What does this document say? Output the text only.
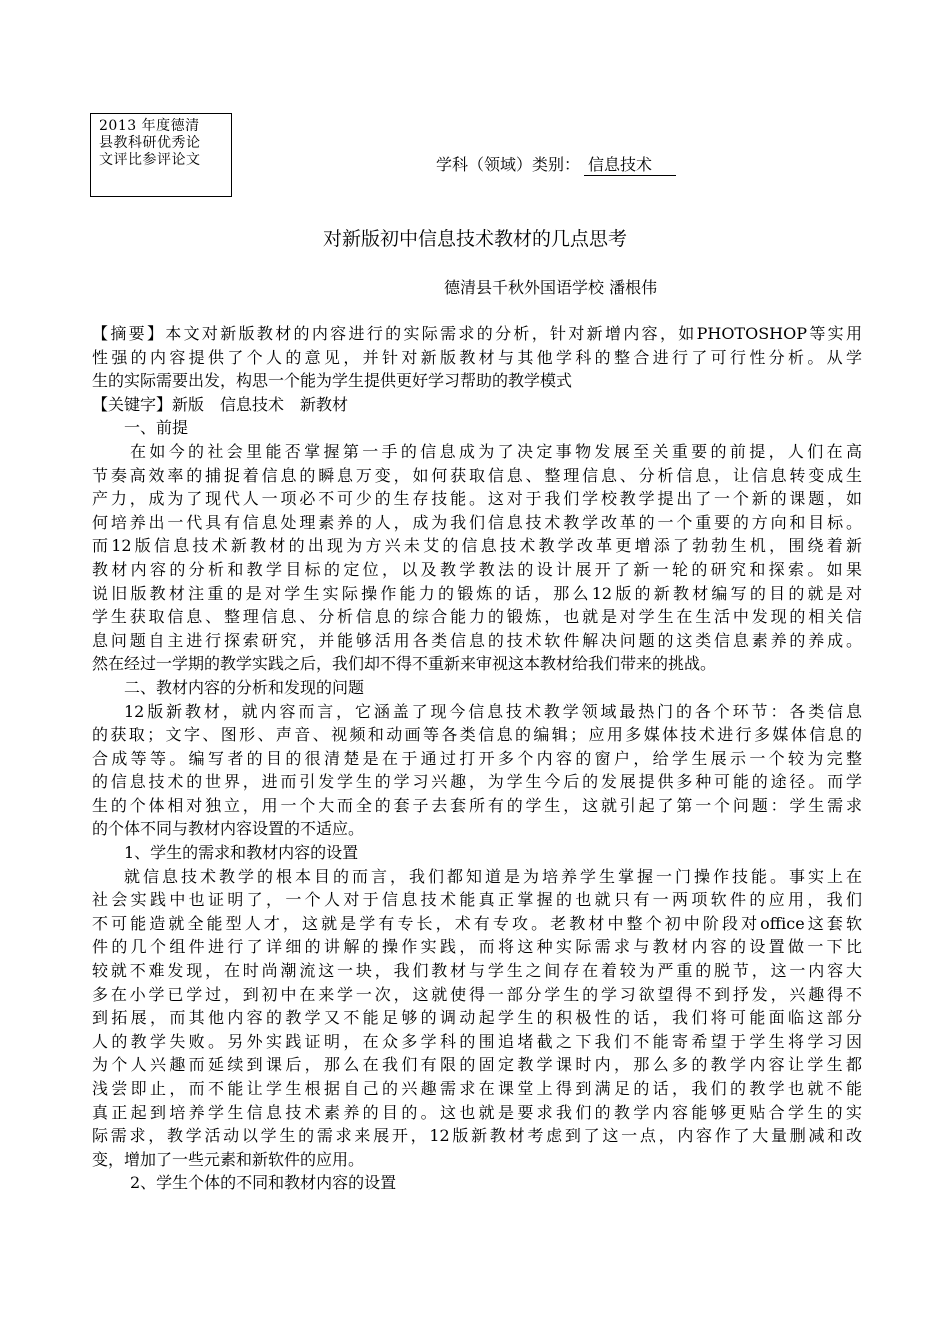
2013 年度德清
县教科研优秀论
文评比参评论文	学科（领域）类别： 信息技术
对新版初中信息技术教材的几点思考
德清县千秋外国语学校 潘根伟
【摘要】本文对新版教材的内容进行的实际需求的分析，针对新增内容，如PHOTOSHOP等实用
性强的内容提供了个人的意见，并针对新版教材与其他学科的整合进行了可行性分析。从学
生的实际需要出发，构思一个能为学生提供更好学习帮助的教学模式
【关键字】新版　信息技术　新教材
一、前提
在如今的社会里能否掌握第一手的信息成为了决定事物发展至关重要的前提，人们在高
节奏高效率的捕捉着信息的瞬息万变，如何获取信息、整理信息、分析信息，让信息转变成生
产力，成为了现代人一项必不可少的生存技能。这对于我们学校教学提出了一个新的课题，如
何培养出一代具有信息处理素养的人，成为我们信息技术教学改革的一个重要的方向和目标。
而12版信息技术新教材的出现为方兴未艾的信息技术教学改革更增添了勃勃生机，围绕着新
教材内容的分析和教学目标的定位，以及教学教法的设计展开了新一轮的研究和探索。如果
说旧版教材注重的是对学生实际操作能力的锻炼的话，那么12版的新教材编写的目的就是对
学生获取信息、整理信息、分析信息的综合能力的锻炼，也就是对学生在生活中发现的相关信
息问题自主进行探索研究，并能够活用各类信息的技术软件解决问题的这类信息素养的养成。
然在经过一学期的教学实践之后，我们却不得不重新来审视这本教材给我们带来的挑战。
二、教材内容的分析和发现的问题
12版新教材，就内容而言，它涵盖了现今信息技术教学领域最热门的各个环节：各类信息
的获取；文字、图形、声音、视频和动画等各类信息的编辑；应用多媒体技术进行多媒体信息的
合成等等。编写者的目的很清楚是在于通过打开多个内容的窗户，给学生展示一个较为完整
的信息技术的世界，进而引发学生的学习兴趣，为学生今后的发展提供多种可能的途径。而学
生的个体相对独立，用一个大而全的套子去套所有的学生，这就引起了第一个问题：学生需求
的个体不同与教材内容设置的不适应。
1、学生的需求和教材内容的设置
就信息技术教学的根本目的而言，我们都知道是为培养学生掌握一门操作技能。事实上在
社会实践中也证明了，一个人对于信息技术能真正掌握的也就只有一两项软件的应用，我们
不可能造就全能型人才，这就是学有专长，术有专攻。老教材中整个初中阶段对office这套软
件的几个组件进行了详细的讲解的操作实践，而将这种实际需求与教材内容的设置做一下比
较就不难发现，在时尚潮流这一块，我们教材与学生之间存在着较为严重的脱节，这一内容大
多在小学已学过，到初中在来学一次，这就使得一部分学生的学习欲望得不到抒发，兴趣得不
到拓展，而其他内容的教学又不能足够的调动起学生的积极性的话，我们将可能面临这部分
人的教学失败。另外实践证明，在众多学科的围追堵截之下我们不能寄希望于学生将学习因
为个人兴趣而延续到课后，那么在我们有限的固定教学课时内，那么多的教学内容让学生都
浅尝即止，而不能让学生根据自己的兴趣需求在课堂上得到满足的话，我们的教学也就不能
真正起到培养学生信息技术素养的目的。这也就是要求我们的教学内容能够更贴合学生的实
际需求，教学活动以学生的需求来展开，12版新教材考虑到了这一点，内容作了大量删减和改
变，增加了一些元素和新软件的应用。
2、学生个体的不同和教材内容的设置
